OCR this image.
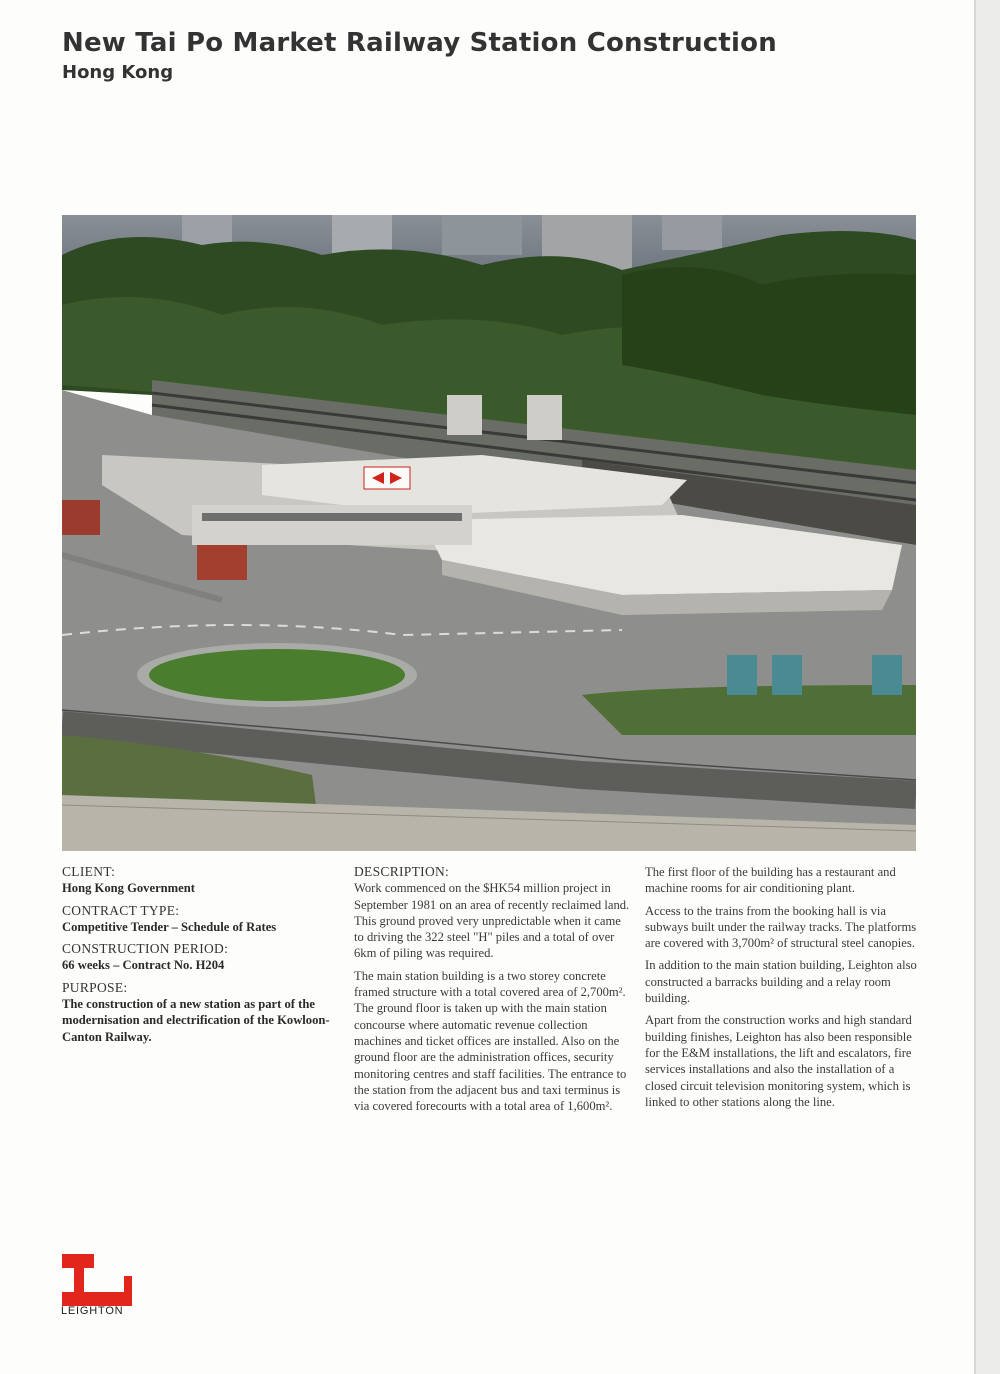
New Tai Po Market Railway Station Construction
Hong Kong

CLIENT:

Hong Kong Government

CONTRACT TYPE:

Competitive Tender – Schedule of Rates

CONSTRUCTION PERIOD:

66 weeks – Contract No. H204

PURPOSE:

The construction of a new station as part of the modernisation and electrification of the Kowloon-Canton Railway.

DESCRIPTION:

Work commenced on the $HK54 million project in September 1981 on an area of recently reclaimed land. This ground proved very unpredictable when it came to driving the 322 steel "H" piles and a total of over 6km of piling was required.

The main station building is a two storey concrete framed structure with a total covered area of 2,700m². The ground floor is taken up with the main station concourse where automatic revenue collection machines and ticket offices are installed. Also on the ground floor are the administration offices, security monitoring centres and staff facilities. The entrance to the station from the adjacent bus and taxi terminus is via covered forecourts with a total area of 1,600m².

The first floor of the building has a restaurant and machine rooms for air conditioning plant.

Access to the trains from the booking hall is via subways built under the railway tracks. The platforms are covered with 3,700m² of structural steel canopies.

In addition to the main station building, Leighton also constructed a barracks building and a relay room building.

Apart from the construction works and high standard building finishes, Leighton has also been responsible for the E&M installations, the lift and escalators, fire services installations and also the installation of a closed circuit television monitoring system, which is linked to other stations along the line.

LEIGHTON
